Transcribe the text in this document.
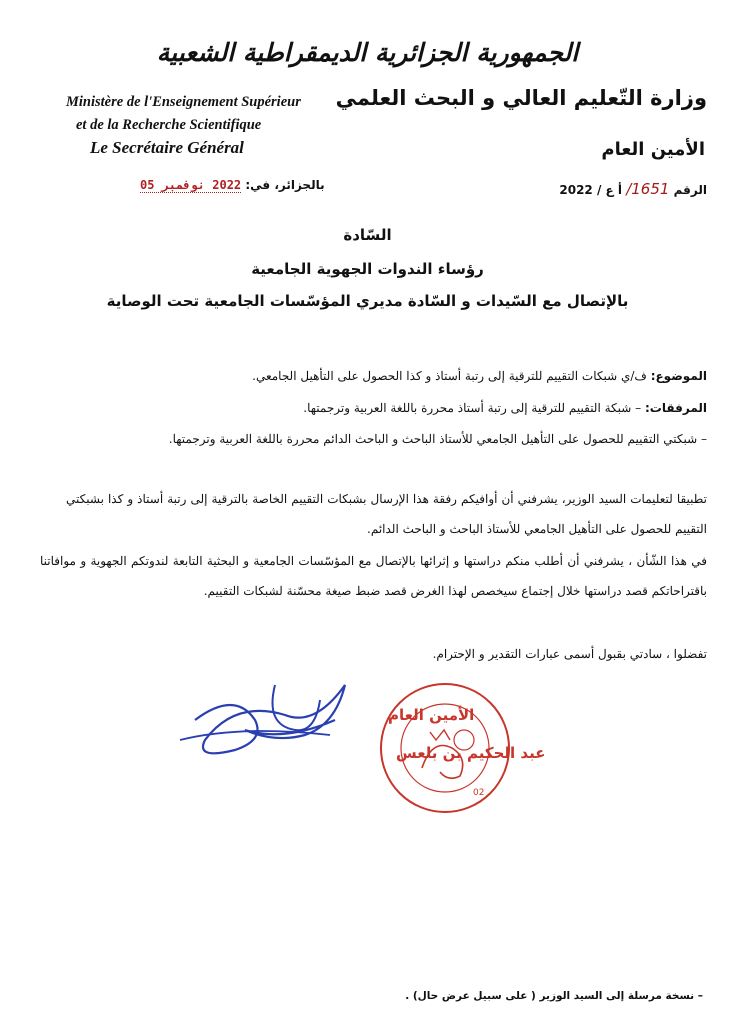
الجمهورية الجزائرية الديمقراطية الشعبية
وزارة التّعليم العالي و البحث العلمي
Ministère de l'Enseignement Supérieur
et de la Recherche Scientifique
Le Secrétaire Général	الأمين العام
الرقم 1651/ أ ع / 2022
بالجزائر، في: 2022 نوفمبر 05
السّادة
رؤساء الندوات الجهوية الجامعية
بالإتصال مع السّيدات و السّادة مديري المؤسّسات الجامعية تحت الوصاية
الموضوع: ف/ي شبكات التقييم للترقية إلى رتبة أستاذ و كذا الحصول على التأهيل الجامعي.
المرفقات: – شبكة التقييم للترقية إلى رتبة أستاذ محررة باللغة العربية وترجمتها.
– شبكتي التقييم للحصول على التأهيل الجامعي للأستاذ الباحث و الباحث الدائم محررة باللغة العربية وترجمتها.
تطبيقا لتعليمات السيد الوزير، يشرفني أن أوافيكم رفقة هذا الإرسال بشبكات التقييم الخاصة بالترقية إلى رتبة أستاذ و كذا بشبكتي التقييم للحصول على التأهيل الجامعي للأستاذ الباحث و الباحث الدائم.
في هذا الشّأن ، يشرفني أن أطلب منكم دراستها و إثرائها بالإتصال مع المؤسّسات الجامعية و البحثية التابعة لندوتكم الجهوية و موافاتنا باقتراحاتكم قصد دراستها خلال إجتماع سيخصص لهذا الغرض قصد ضبط صيغة محسّنة لشبكات التقييم.
تفضلوا ، سادتي بقبول أسمى عبارات التقدير و الإحترام.
02
الأمين العام
عبد الحكيم بن بلعس
– نسخة مرسلة إلى السيد الوزير ( على سبيل عرض حال) .
